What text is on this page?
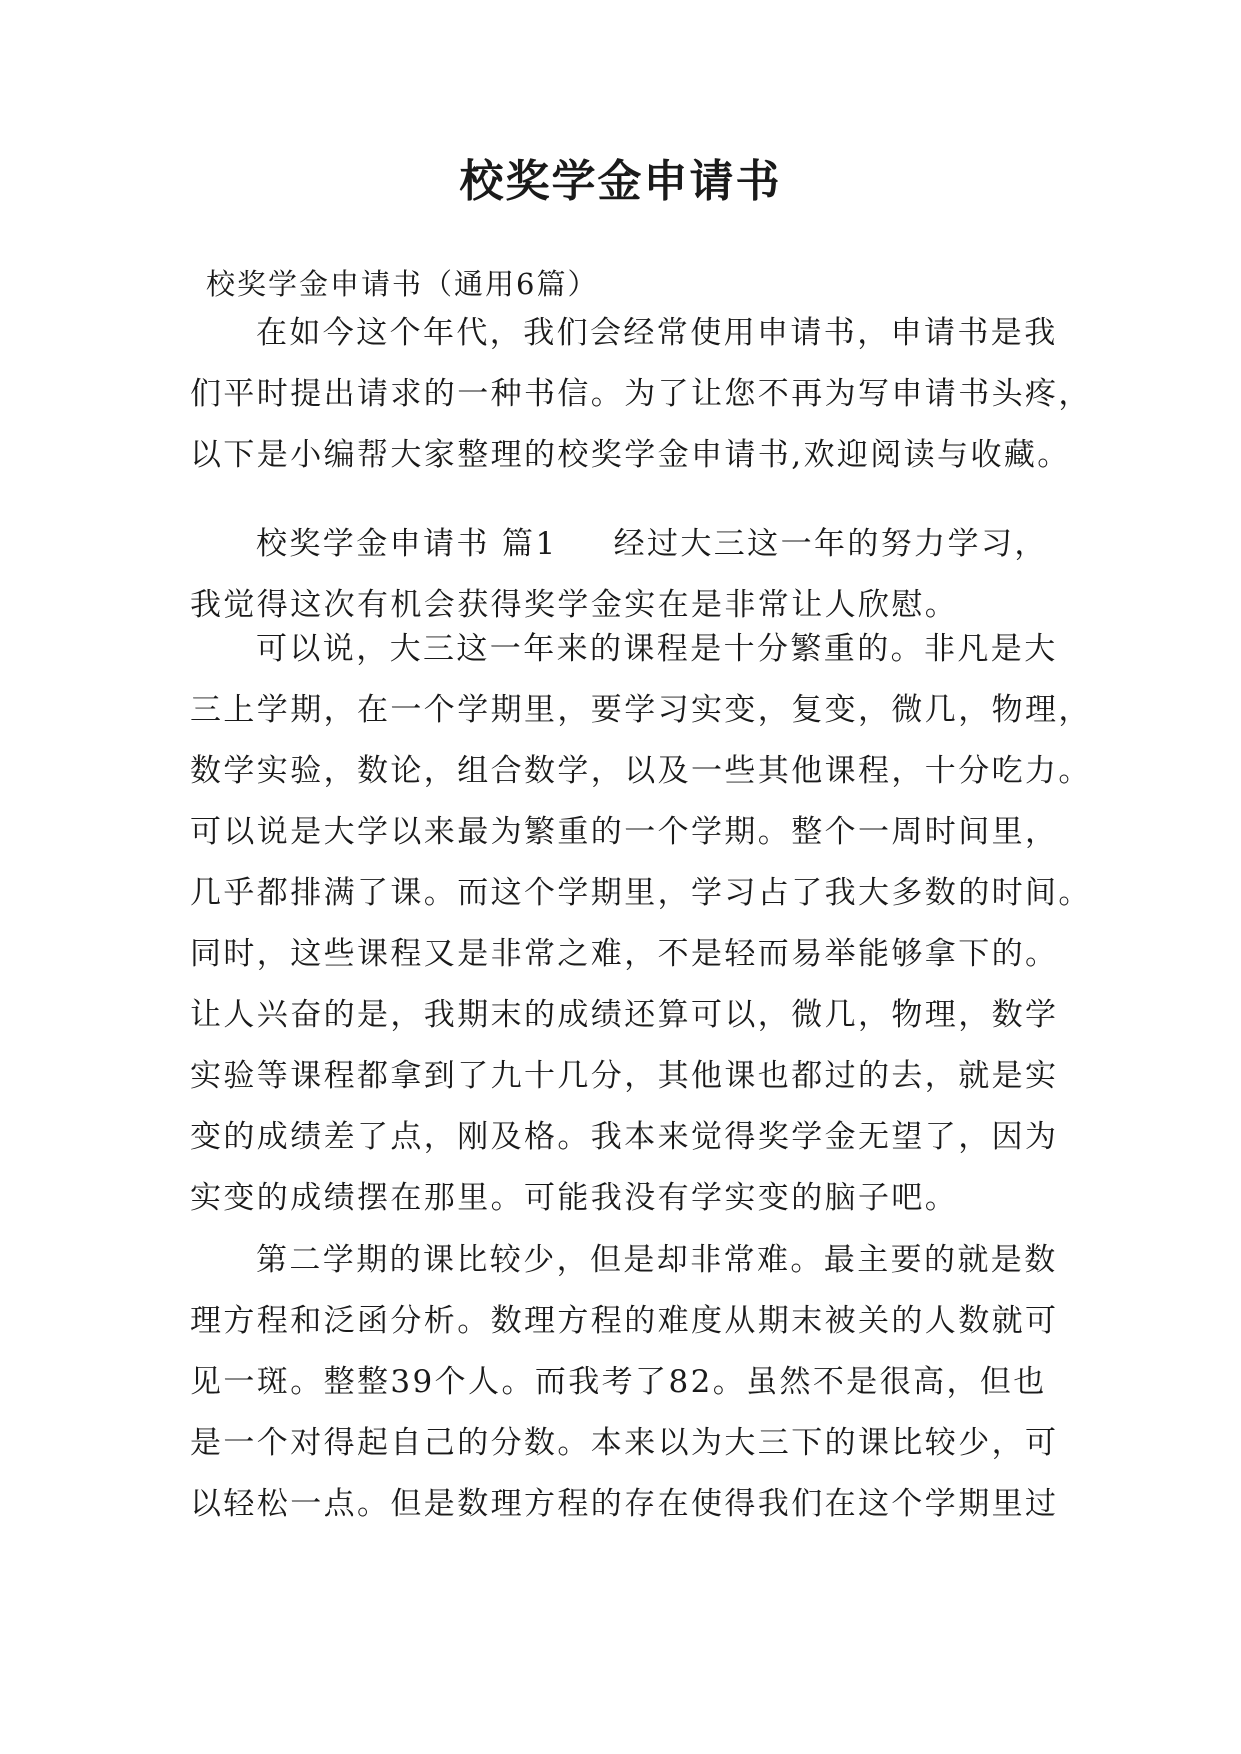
校奖学金申请书
校奖学金申请书（通用6篇）
在如今这个年代，我们会经常使用申请书，申请书是我
们平时提出请求的一种书信。为了让您不再为写申请书头疼，
以下是小编帮大家整理的校奖学金申请书,欢迎阅读与收藏。
校奖学金申请书 篇1 经过大三这一年的努力学习，
我觉得这次有机会获得奖学金实在是非常让人欣慰。
可以说，大三这一年来的课程是十分繁重的。非凡是大
三上学期，在一个学期里，要学习实变，复变，微几，物理，
数学实验，数论，组合数学，以及一些其他课程，十分吃力。
可以说是大学以来最为繁重的一个学期。整个一周时间里，
几乎都排满了课。而这个学期里，学习占了我大多数的时间。
同时，这些课程又是非常之难，不是轻而易举能够拿下的。
让人兴奋的是，我期末的成绩还算可以，微几，物理，数学
实验等课程都拿到了九十几分，其他课也都过的去，就是实
变的成绩差了点，刚及格。我本来觉得奖学金无望了，因为
实变的成绩摆在那里。可能我没有学实变的脑子吧。
第二学期的课比较少，但是却非常难。最主要的就是数
理方程和泛函分析。数理方程的难度从期末被关的人数就可
见一斑。整整39个人。而我考了82。虽然不是很高，但也
是一个对得起自己的分数。本来以为大三下的课比较少，可
以轻松一点。但是数理方程的存在使得我们在这个学期里过
